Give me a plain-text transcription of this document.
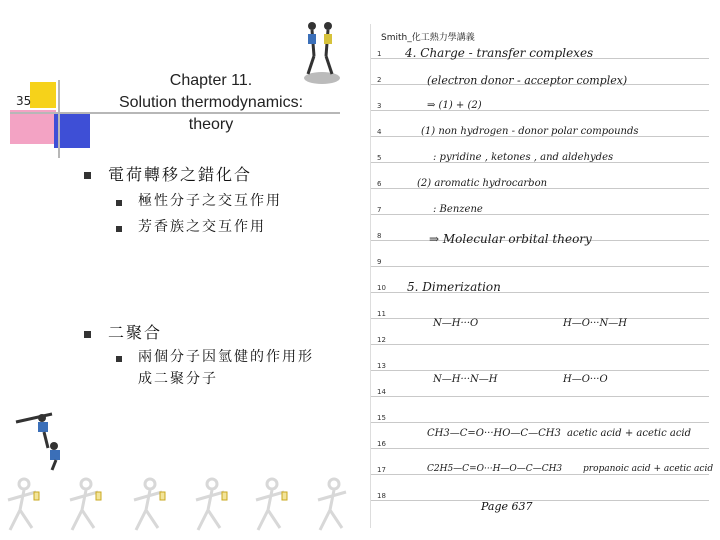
35
Chapter 11.
Solution thermodynamics:
theory
電荷轉移之錯化合
極性分子之交互作用
芳香族之交互作用
二聚合
兩個分子因氫健的作用形
成二聚分子
Smith_化工熱力學講義
1
2
3
4
5
6
7
8
9
10
11
12
13
14
15
16
17
18
4. Charge - transfer complexes
(electron donor - acceptor complex)
⇒ (1) + (2)
(1) non hydrogen - donor polar compounds
: pyridine , ketones , and aldehydes
(2) aromatic hydrocarbon
: Benzene
⇒ Molecular orbital theory
5. Dimerization
N—H···O	H—O···N—H
N—H···N—H	H—O···O
CH3—C=O···HO—C—CH3 acetic acid + acetic acid
C2H5—C=O···H—O—C—CH3 propanoic acid + acetic acid
Page 637
